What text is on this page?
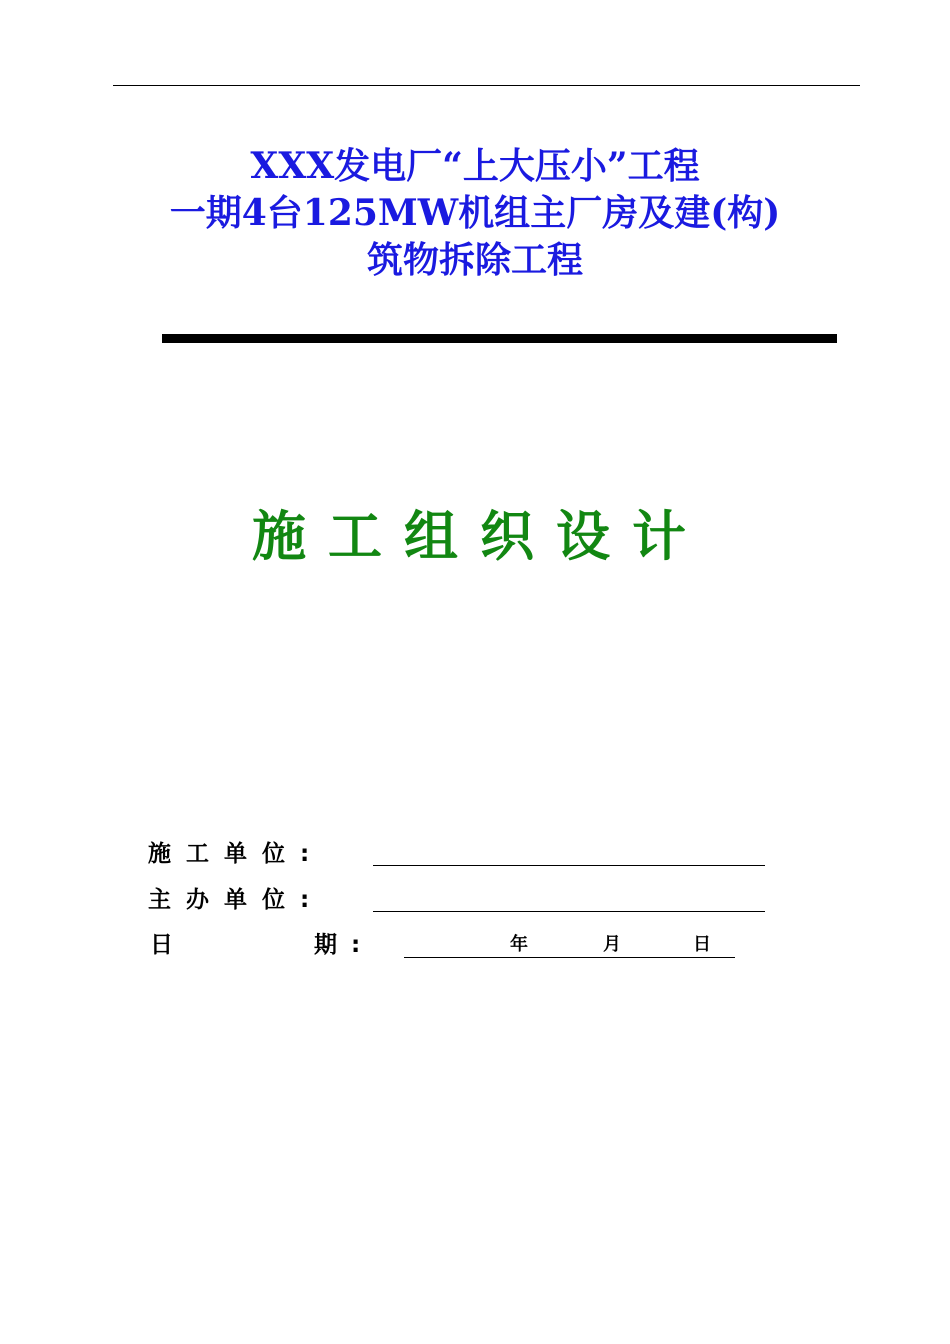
XXX发电厂“上大压小”工程
一期4台125MW机组主厂房及建(构)
筑物拆除工程
施工组织设计
施工单位:
主办单位:
日	期:	年	月	日
